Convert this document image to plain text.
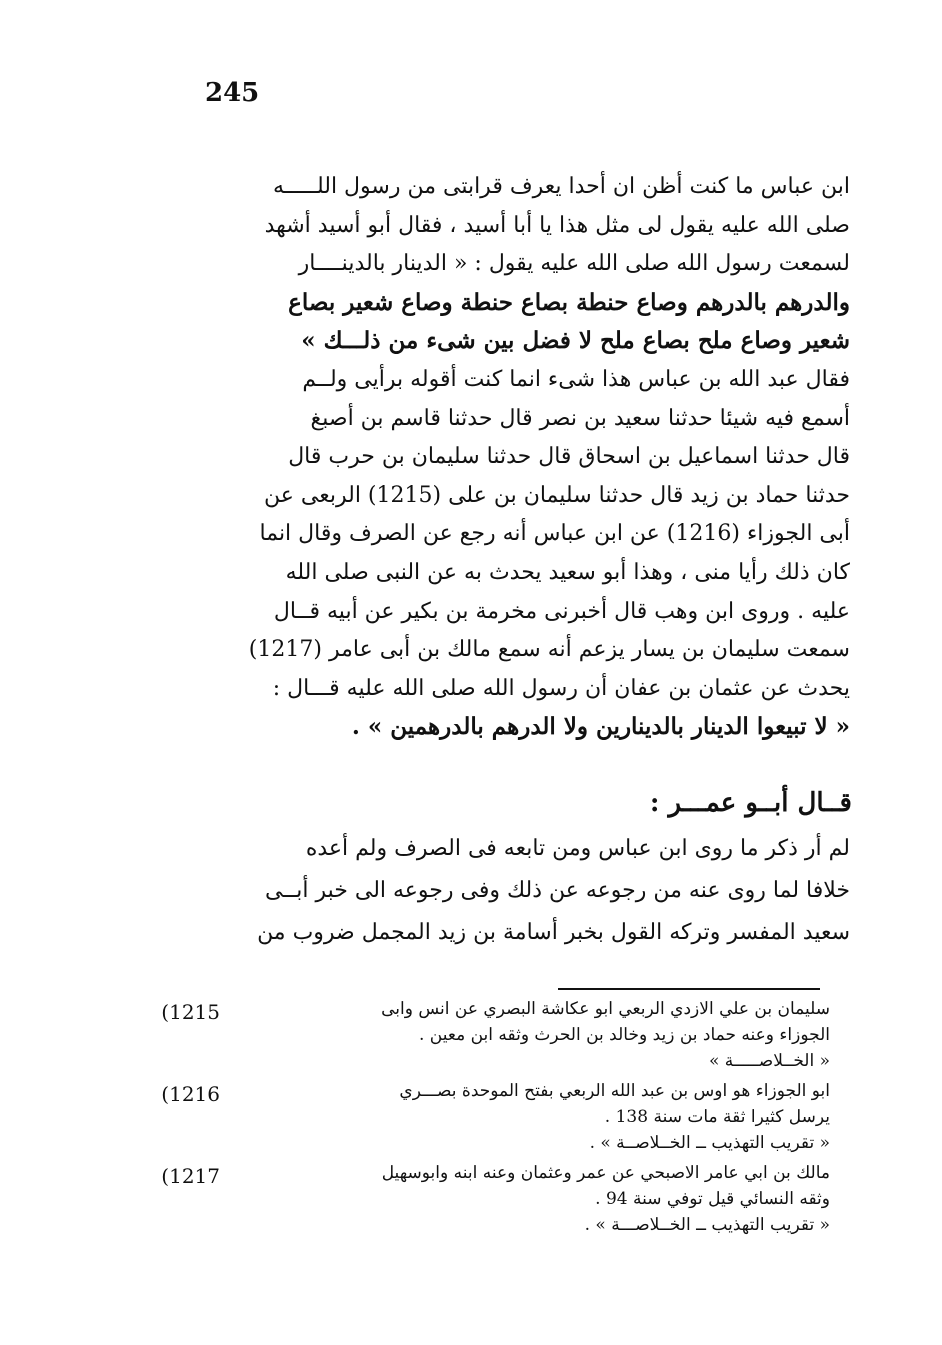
245
ابن عباس ما كنت أظن ان أحدا يعرف قرابتى من رسول اللـــــه
صلى الله عليه يقول لى مثل هذا يا أبا أسيد ، فقال أبو أسيد أشهد
لسمعت رسول الله صلى الله عليه يقول : « الدينار بالدينــــار
والدرهم بالدرهم وصاع حنطة بصاع حنطة وصاع شعير بصاع
شعير وصاع ملح بصاع ملح لا فضل بين شىء من ذلـــك »
فقال عبد الله بن عباس هذا شىء انما كنت أقوله برأيى ولــم
أسمع فيه شيئا حدثنا سعيد بن نصر قال حدثنا قاسم بن أصبغ
قال حدثنا اسماعيل بن اسحاق قال حدثنا سليمان بن حرب قال
حدثنا حماد بن زيد قال حدثنا سليمان بن على (1215) الربعى عن
أبى الجوزاء (1216) عن ابن عباس أنه رجع عن الصرف وقال انما
كان ذلك رأيا منى ، وهذا أبو سعيد يحدث به عن النبى صلى الله
عليه . وروى ابن وهب قال أخبرنى مخرمة بن بكير عن أبيه قــال
سمعت سليمان بن يسار يزعم أنه سمع مالك بن أبى عامر (1217)
يحدث عن عثمان بن عفان أن رسول الله صلى الله عليه قـــال :
« لا تبيعوا الدينار بالدينارين ولا الدرهم بالدرهمين » .
قــال أبــو عمـــر :
لم أر ذكر ما روى ابن عباس ومن تابعه فى الصرف ولم أعده
خلافا لما روى عنه من رجوعه عن ذلك وفى رجوعه الى خبر أبــى
سعيد المفسر وتركه القول بخبر أسامة بن زيد المجمل ضروب من
سليمان بن علي الازدي الربعي ابو عكاشة البصري عن انس وابى
الجوزاء وعنه حماد بن زيد وخالد بن الحرث وثقه ابن معين .
« الخــلاصـــــة »
1215)
ابو الجوزاء هو اوس بن عبد الله الربعي بفتح الموحدة بصـــري
يرسل كثيرا ثقة مات سنة 138 .
« تقريب التهذيب ــ الخــلاصــة » .
1216)
مالك بن ابي عامر الاصبحي عن عمر وعثمان وعنه ابنه وابوسهيل
وثقه النسائي قيل توفي سنة 94 .
« تقريب التهذيب ــ الخــلاصـــة » .
1217)
